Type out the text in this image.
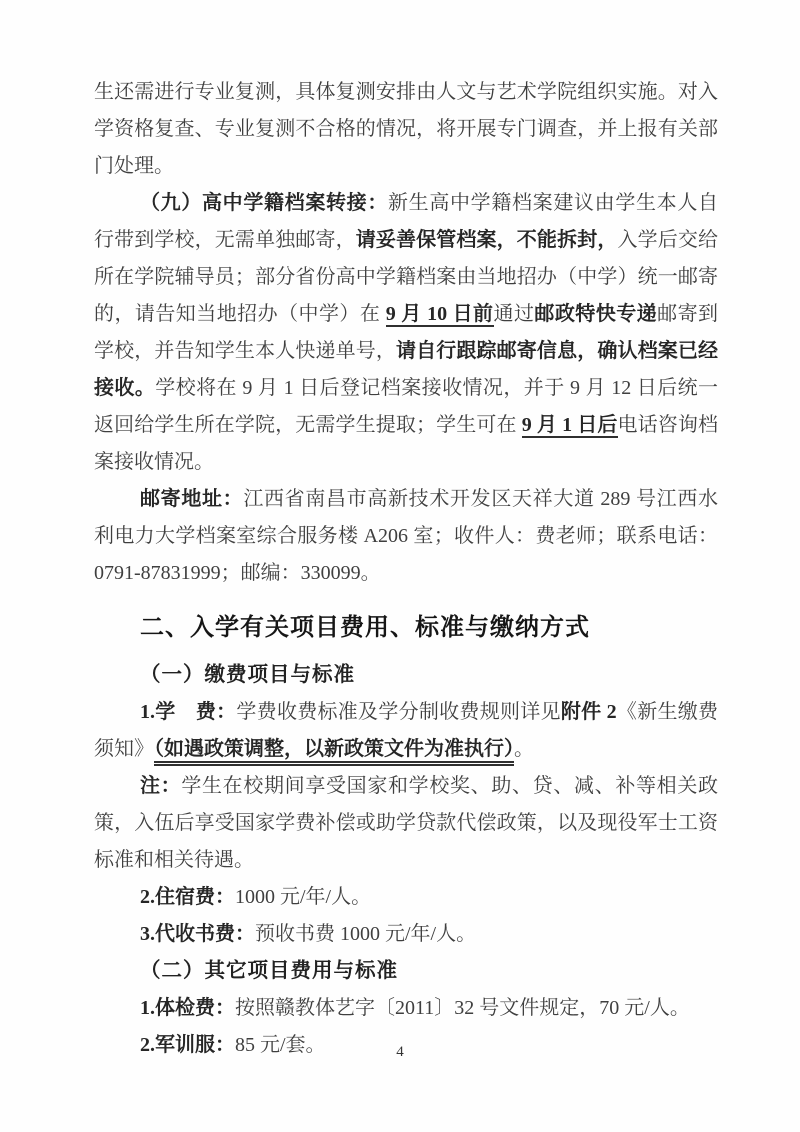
生还需进行专业复测，具体复测安排由人文与艺术学院组织实施。对入学资格复查、专业复测不合格的情况，将开展专门调查，并上报有关部门处理。

（九）高中学籍档案转接：新生高中学籍档案建议由学生本人自行带到学校，无需单独邮寄，请妥善保管档案，不能拆封，入学后交给所在学院辅导员；部分省份高中学籍档案由当地招办（中学）统一邮寄的，请告知当地招办（中学）在 9 月 10 日前通过邮政特快专递邮寄到学校，并告知学生本人快递单号，请自行跟踪邮寄信息，确认档案已经接收。学校将在 9 月 1 日后登记档案接收情况，并于 9 月 12 日后统一返回给学生所在学院，无需学生提取；学生可在 9 月 1 日后电话咨询档案接收情况。

邮寄地址：江西省南昌市高新技术开发区天祥大道 289 号江西水利电力大学档案室综合服务楼 A206 室；收件人：费老师；联系电话：0791-87831999；邮编：330099。

二、入学有关项目费用、标准与缴纳方式
（一）缴费项目与标准

1.学　费：学费收费标准及学分制收费规则详见附件 2《新生缴费须知》（如遇政策调整，以新政策文件为准执行）。

注：学生在校期间享受国家和学校奖、助、贷、减、补等相关政策，入伍后享受国家学费补偿或助学贷款代偿政策，以及现役军士工资标准和相关待遇。

2.住宿费：1000 元/年/人。

3.代收书费：预收书费 1000 元/年/人。

（二）其它项目费用与标准

1.体检费：按照赣教体艺字〔2011〕32 号文件规定，70 元/人。

2.军训服：85 元/套。	4
